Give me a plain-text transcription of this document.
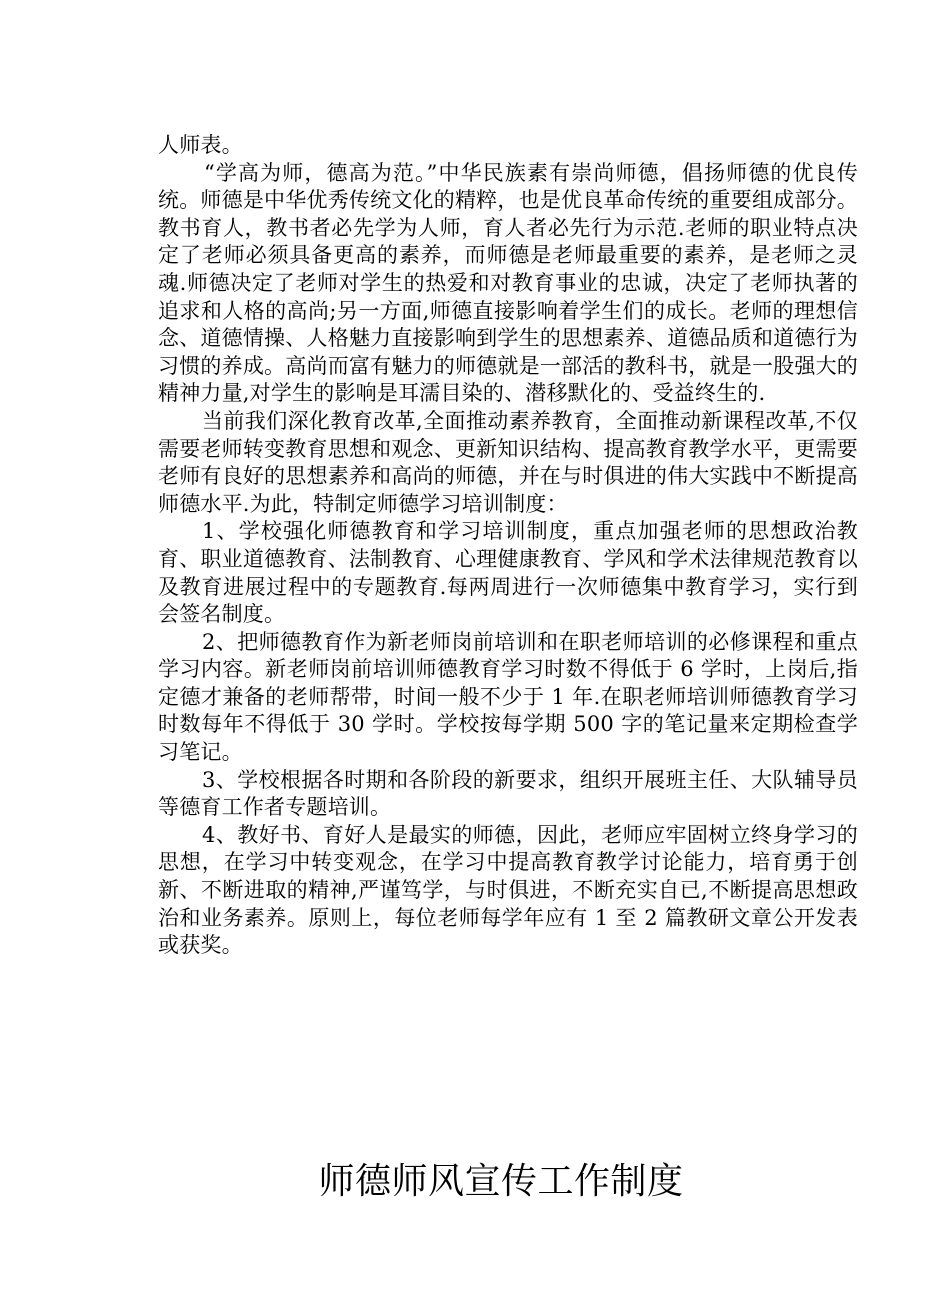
人师表。

“学高为师，德高为范。”中华民族素有崇尚师德，倡扬师德的优良传统。师德是中华优秀传统文化的精粹，也是优良革命传统的重要组成部分。教书育人，教书者必先学为人师，育人者必先行为示范.老师的职业特点决定了老师必须具备更高的素养，而师德是老师最重要的素养，是老师之灵魂.师德决定了老师对学生的热爱和对教育事业的忠诚，决定了老师执著的追求和人格的高尚;另一方面,师德直接影响着学生们的成长。老师的理想信念、道德情操、人格魅力直接影响到学生的思想素养、道德品质和道德行为习惯的养成。高尚而富有魅力的师德就是一部活的教科书，就是一股强大的精神力量,对学生的影响是耳濡目染的、潜移默化的、受益终生的.

当前我们深化教育改革,全面推动素养教育，全面推动新课程改革,不仅需要老师转变教育思想和观念、更新知识结构、提高教育教学水平，更需要老师有良好的思想素养和高尚的师德，并在与时俱进的伟大实践中不断提高师德水平.为此，特制定师德学习培训制度：

1、学校强化师德教育和学习培训制度，重点加强老师的思想政治教育、职业道德教育、法制教育、心理健康教育、学风和学术法律规范教育以及教育进展过程中的专题教育.每两周进行一次师德集中教育学习，实行到会签名制度。

2、把师德教育作为新老师岗前培训和在职老师培训的必修课程和重点学习内容。新老师岗前培训师德教育学习时数不得低于 6 学时，上岗后,指定德才兼备的老师帮带，时间一般不少于 1 年.在职老师培训师德教育学习时数每年不得低于 30 学时。学校按每学期 500 字的笔记量来定期检查学习笔记。

3、学校根据各时期和各阶段的新要求，组织开展班主任、大队辅导员等德育工作者专题培训。

4、教好书、育好人是最实的师德，因此，老师应牢固树立终身学习的思想，在学习中转变观念，在学习中提高教育教学讨论能力，培育勇于创新、不断进取的精神,严谨笃学，与时俱进，不断充实自已,不断提高思想政治和业务素养。原则上，每位老师每学年应有 1 至 2 篇教研文章公开发表或获奖。

师德师风宣传工作制度
